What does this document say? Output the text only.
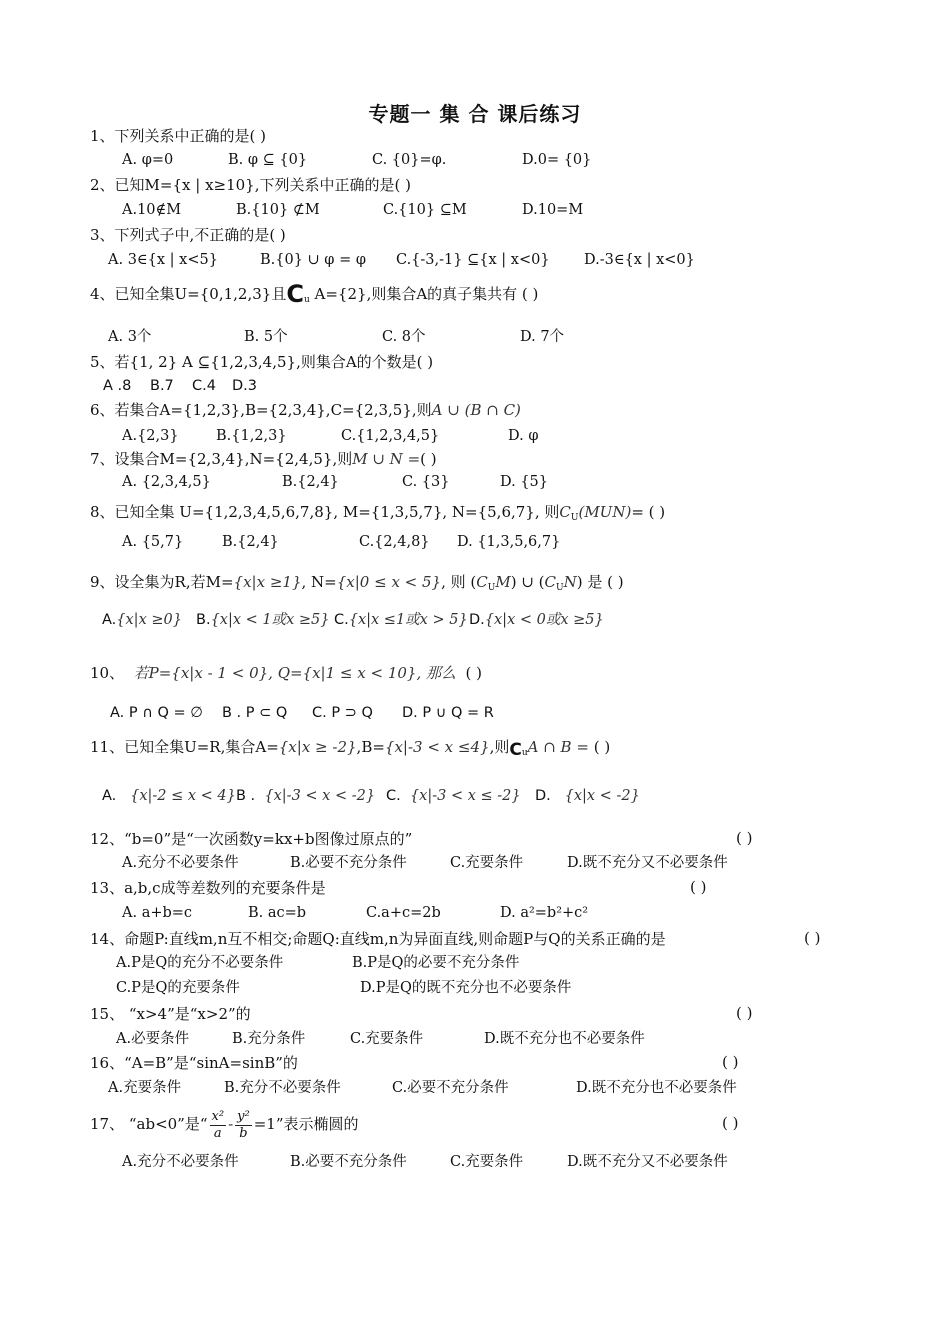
专题一 集 合 课后练习
1、下列关系中正确的是( )
A. φ=0	B. φ ⊆ {0}	C. {0}=φ.	D.0= {0}
2、已知M={x | x≥10},下列关系中正确的是( )
A.10∉M	B.{10} ⊄M	C.{10} ⊆M	D.10=M
3、下列式子中,不正确的是( )
A. 3∈{x | x<5}	B.{0} ∪ φ = φ C.{-3,-1} ⊆{x | x<0} D.-3∈{x | x<0}
4、已知全集U={0,1,2,3}且$C_u$ A={2},则集合A的真子集共有 ( )
A. 3个	B. 5个	C. 8个	D. 7个
5、若{1, 2} A ⊆{1,2,3,4,5},则集合A的个数是( )
A .8 B.7 C.4 D.3
6、若集合A={1,2,3},B={2,3,4},C={2,3,5},则A ∪ (B ∩ C)
A.{2,3}	B.{1,2,3}	C.{1,2,3,4,5}	D. φ
7、设集合M={2,3,4},N={2,4,5},则M ∪ N =( )
A. {2,3,4,5}	B.{2,4}	C. {3}	D. {5}
8、已知全集 U={1,2,3,4,5,6,7,8}, M={1,3,5,7}, N={5,6,7}, 则$C_U(MUN)=$ ( )
A. {5,7}	B.{2,4}	C.{2,4,8} D. {1,3,5,6,7}
9、设全集为R,若M={x|x ≥1}, N={x|0 ≤ x < 5}, 则 $(C_UM)$ ∪ $(C_UN)$ 是 ( )
A.{x|x ≥0} B.{x|x < 1或x ≥5} C.{x|x ≤1或x > 5} D.{x|x < 0或x ≥5}
10、 若P={x|x - 1 < 0}, Q={x|1 ≤ x < 10}, 那么 ( )
A. P ∩ Q = ∅ B . P ⊂ Q C. P ⊃ Q D. P ∪ Q = R
11、已知全集U=R,集合A={x|x ≥ -2},B={x|-3 < x ≤4},则$C_uA$ ∩ B = ( )
A. {x|-2 ≤ x < 4} B . {x|-3 < x < -2} C. {x|-3 < x ≤ -2} D. {x|x < -2}
12、“b=0”是“一次函数y=kx+b图像过原点的”	( )
A.充分不必要条件	B.必要不充分条件	C.充要条件	D.既不充分又不必要条件
13、a,b,c成等差数列的充要条件是	( )
A. a+b=c	B. ac=b	C.a+c=2b	D. a²=b²+c²
14、命题P:直线m,n互不相交;命题Q:直线m,n为异面直线,则命题P与Q的关系正确的是	( )
A.P是Q的充分不必要条件	B.P是Q的必要不充分条件
C.P是Q的充要条件	D.P是Q的既不充分也不必要条件
15、 “x>4”是“x>2”的	( )
A.必要条件	B.充分条件	C.充要条件	D.既不充分也不必要条件
16、“A=B”是“sinA=sinB”的	( )
A.充要条件	B.充分不必要条件	C.必要不充分条件	D.既不充分也不必要条件
17、 “ab<0”是“ $\frac{\text{x²}}{a} - \frac{\text{y²}}{b} =1$”表示椭圆的	( )
A.充分不必要条件	B.必要不充分条件	C.充要条件	D.既不充分又不必要条件
